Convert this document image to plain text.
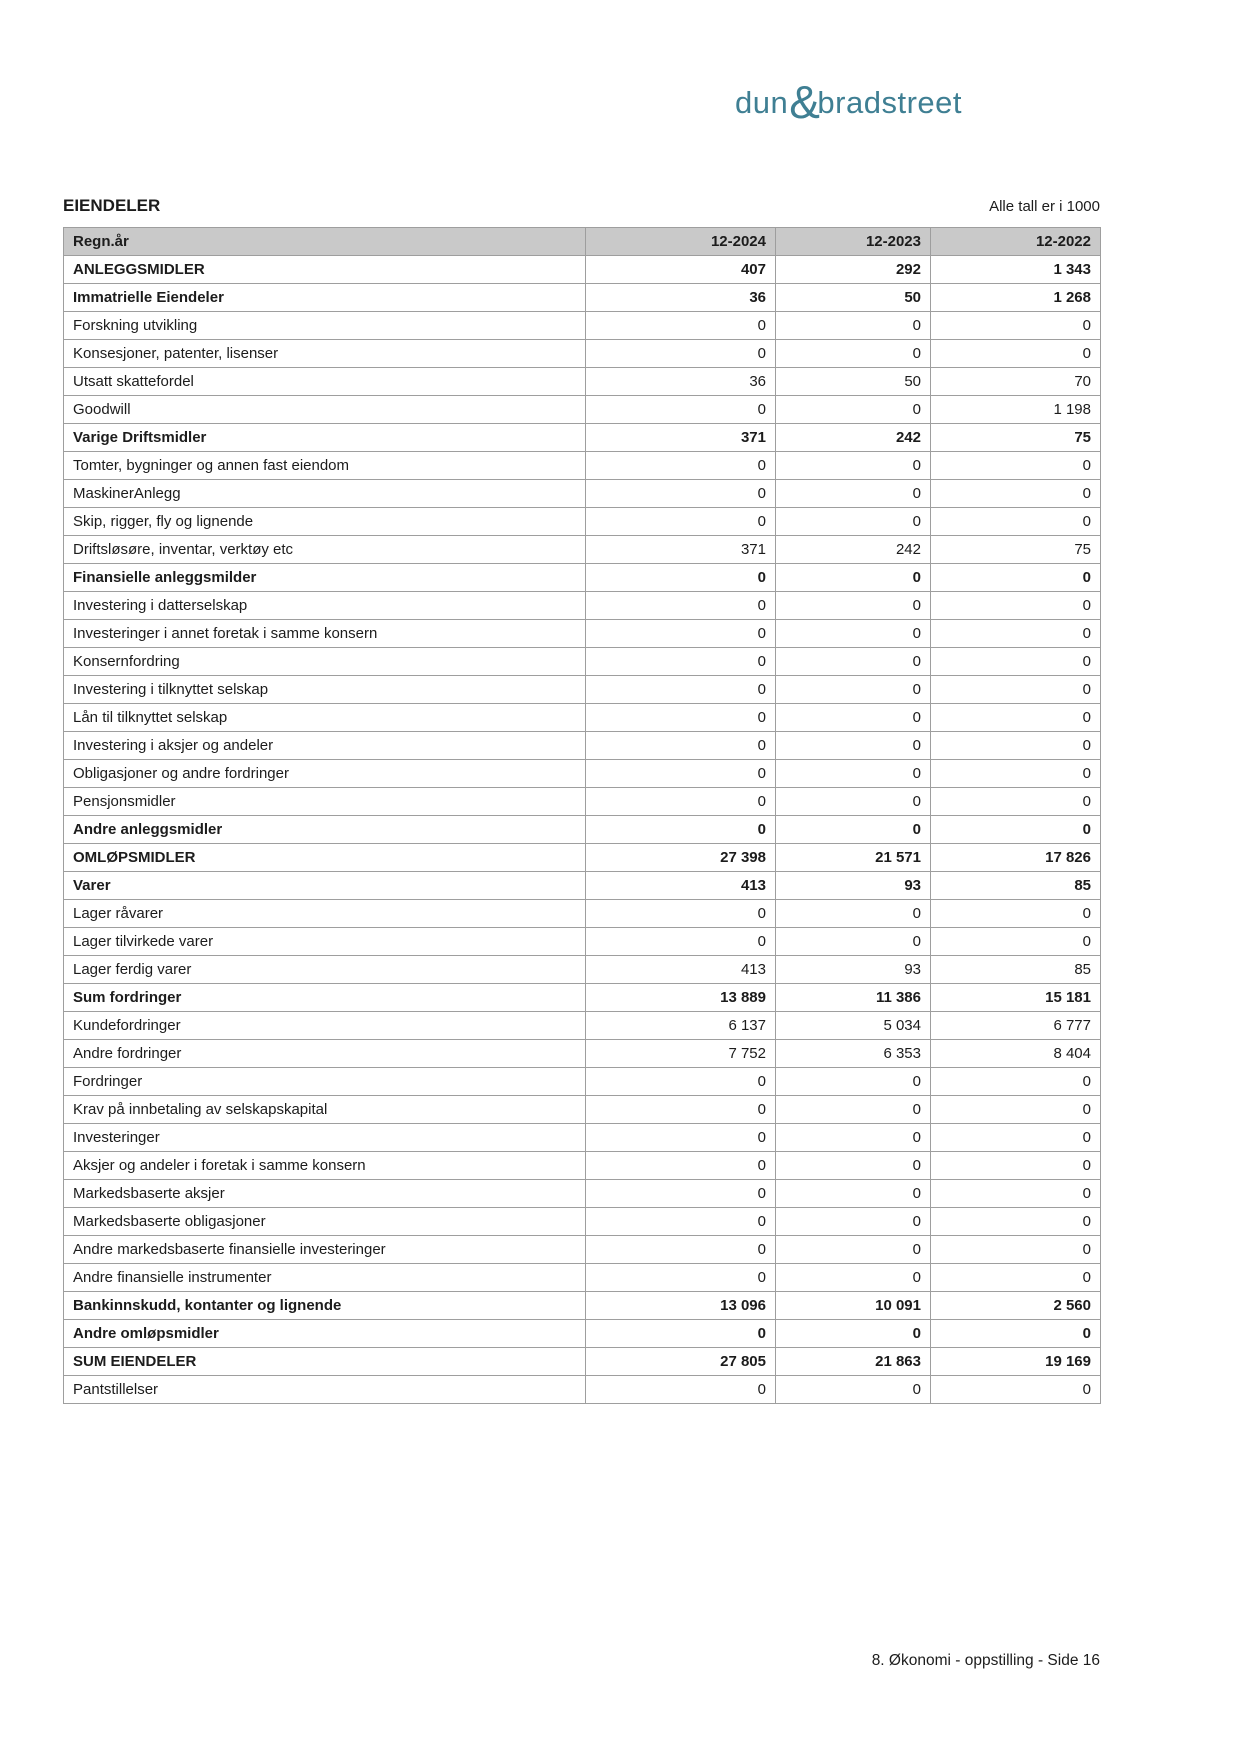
dun&bradstreet
EIENDELER	Alle tall er i 1000
Regn.år	12-2024	12-2023	12-2022
ANLEGGSMIDLER	407	292	1 343
Immatrielle Eiendeler	36	50	1 268
Forskning utvikling	0	0	0
Konsesjoner, patenter, lisenser	0	0	0
Utsatt skattefordel	36	50	70
Goodwill	0	0	1 198
Varige Driftsmidler	371	242	75
Tomter, bygninger og annen fast eiendom	0	0	0
MaskinerAnlegg	0	0	0
Skip, rigger, fly og lignende	0	0	0
Driftsløsøre, inventar, verktøy etc	371	242	75
Finansielle anleggsmilder	0	0	0
Investering i datterselskap	0	0	0
Investeringer i annet foretak i samme konsern	0	0	0
Konsernfordring	0	0	0
Investering i tilknyttet selskap	0	0	0
Lån til tilknyttet selskap	0	0	0
Investering i aksjer og andeler	0	0	0
Obligasjoner og andre fordringer	0	0	0
Pensjonsmidler	0	0	0
Andre anleggsmidler	0	0	0
OMLØPSMIDLER	27 398	21 571	17 826
Varer	413	93	85
Lager råvarer	0	0	0
Lager tilvirkede varer	0	0	0
Lager ferdig varer	413	93	85
Sum fordringer	13 889	11 386	15 181
Kundefordringer	6 137	5 034	6 777
Andre fordringer	7 752	6 353	8 404
Fordringer	0	0	0
Krav på innbetaling av selskapskapital	0	0	0
Investeringer	0	0	0
Aksjer og andeler i foretak i samme konsern	0	0	0
Markedsbaserte aksjer	0	0	0
Markedsbaserte obligasjoner	0	0	0
Andre markedsbaserte finansielle investeringer	0	0	0
Andre finansielle instrumenter	0	0	0
Bankinnskudd, kontanter og lignende	13 096	10 091	2 560
Andre omløpsmidler	0	0	0
SUM EIENDELER	27 805	21 863	19 169
Pantstillelser	0	0	0
8. Økonomi - oppstilling - Side 16
